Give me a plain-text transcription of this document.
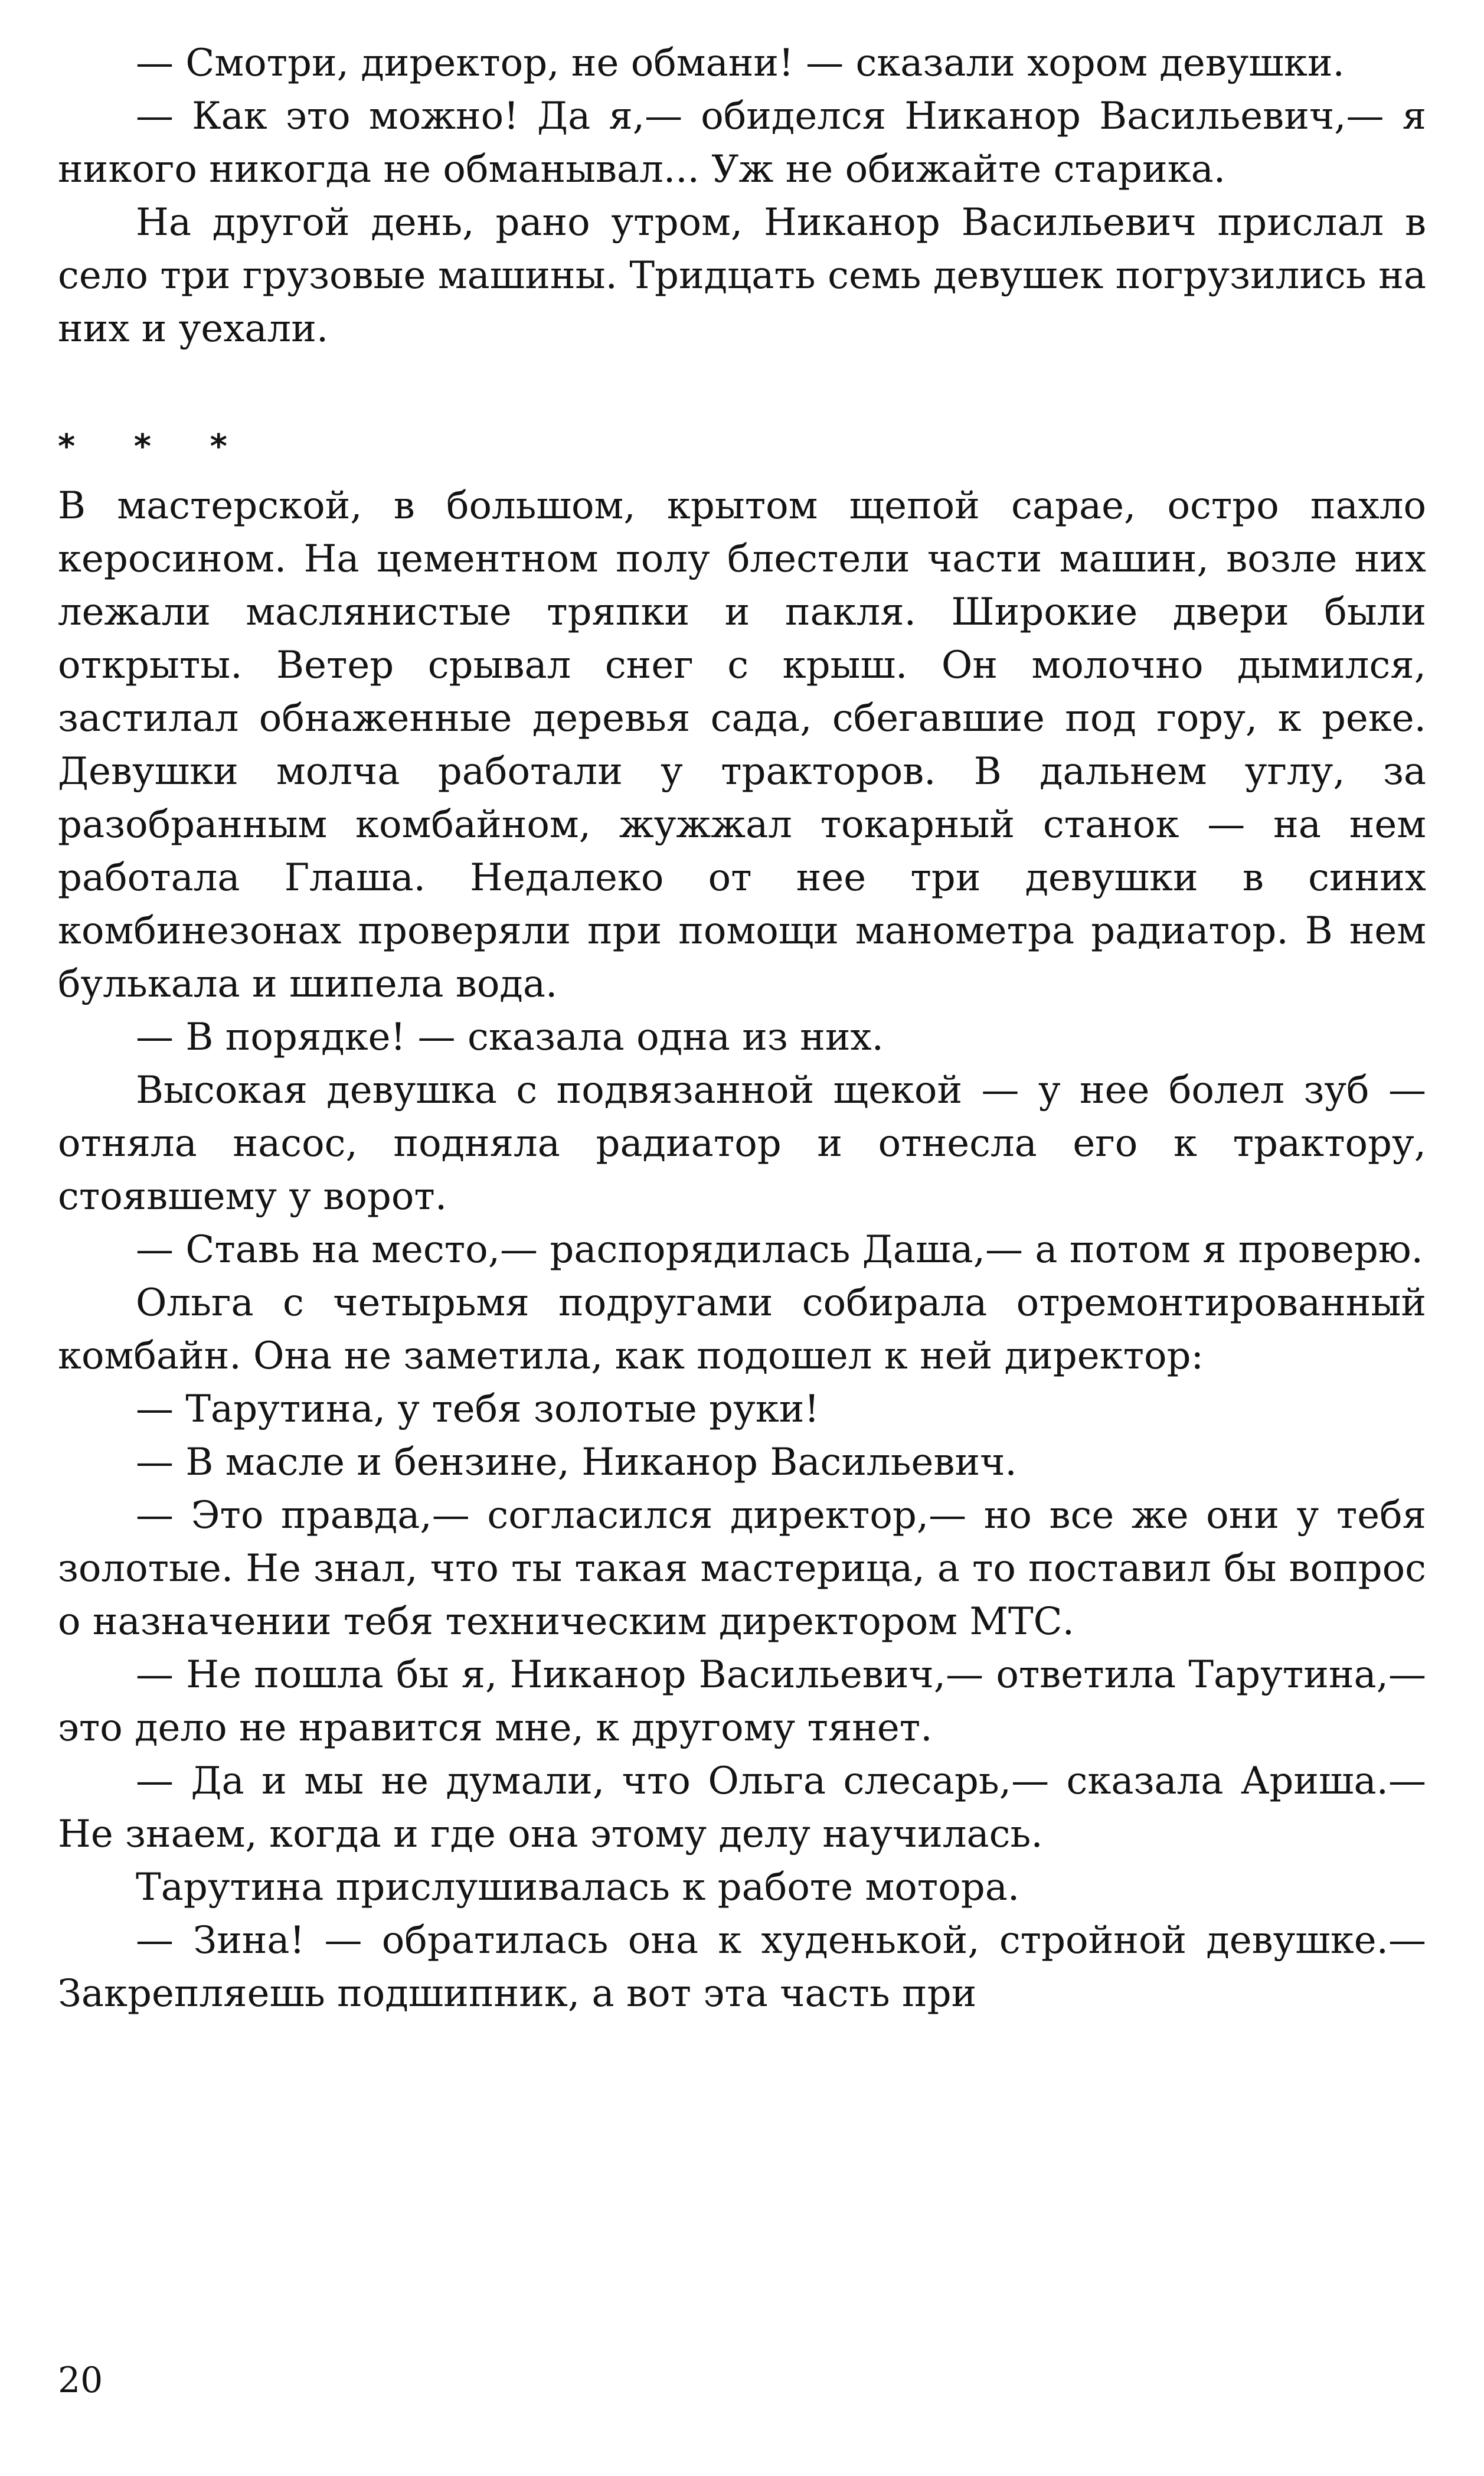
— Смотри, директор, не обмани! — сказали хором девушки.

— Как это можно! Да я,— обиделся Никанор Васильевич,— я никого никогда не обманывал... Уж не обижайте старика.

На другой день, рано утром, Никанор Васильевич прислал в село три грузовые машины. Тридцать семь девушек погрузились на них и уехали.

* * *

В мастерской, в большом, крытом щепой сарае, остро пахло керосином. На цементном полу блестели части машин, возле них лежали маслянистые тряпки и пакля. Широкие двери были открыты. Ветер срывал снег с крыш. Он молочно дымился, застилал обнаженные деревья сада, сбегавшие под гору, к реке. Девушки молча работали у тракторов. В дальнем углу, за разобранным комбайном, жужжал токарный станок — на нем работала Глаша. Недалеко от нее три девушки в синих комбинезонах проверяли при помощи манометра радиатор. В нем булькала и шипела вода.

— В порядке! — сказала одна из них.

Высокая девушка с подвязанной щекой — у нее болел зуб — отняла насос, подняла радиатор и отнесла его к трактору, стоявшему у ворот.

— Ставь на место,— распорядилась Даша,— а потом я проверю.

Ольга с четырьмя подругами собирала отремонтированный комбайн. Она не заметила, как подошел к ней директор:

— Тарутина, у тебя золотые руки!

— В масле и бензине, Никанор Васильевич.

— Это правда,— согласился директор,— но все же они у тебя золотые. Не знал, что ты такая мастерица, а то поставил бы вопрос о назначении тебя техническим директором МТС.

— Не пошла бы я, Никанор Васильевич,— ответила Тарутина,— это дело не нравится мне, к другому тянет.

— Да и мы не думали, что Ольга слесарь,— сказала Ариша.— Не знаем, когда и где она этому делу научилась.

Тарутина прислушивалась к работе мотора.

— Зина! — обратилась она к худенькой, стройной девушке.— Закрепляешь подшипник, а вот эта часть при

20
